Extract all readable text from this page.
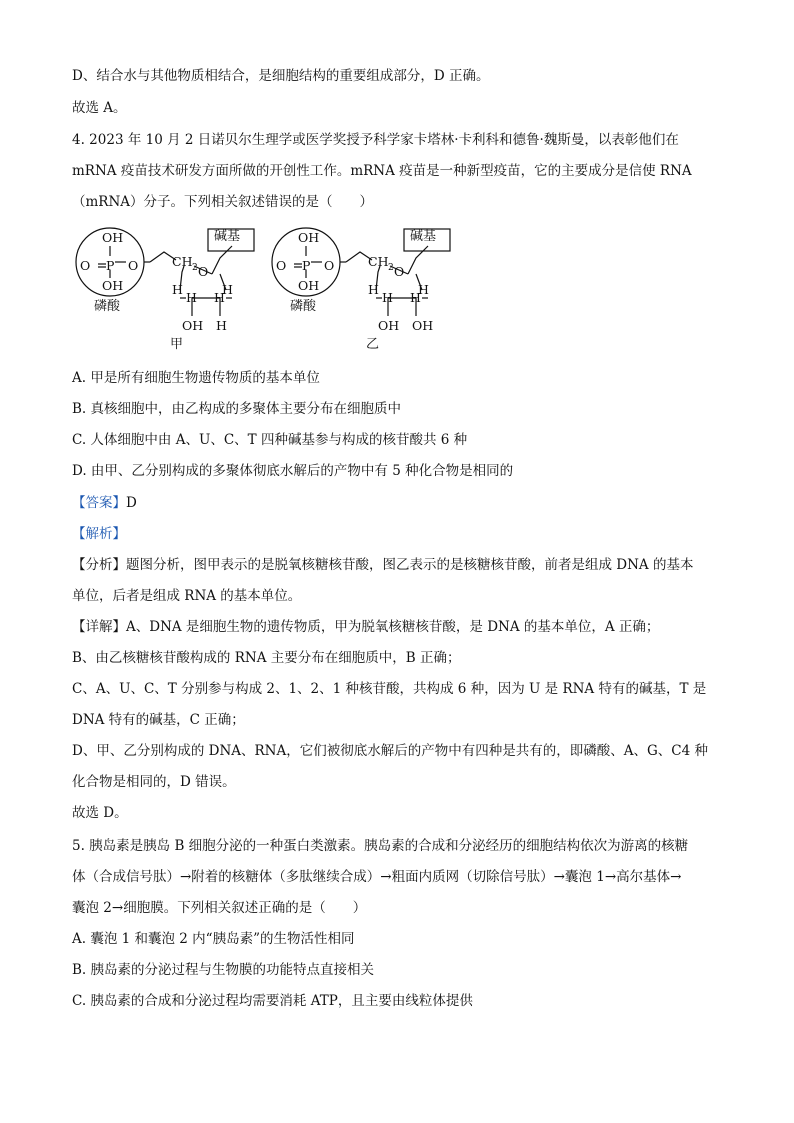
D、结合水与其他物质相结合，是细胞结构的重要组成部分，D 正确。
故选 A。
4. 2023 年 10 月 2 日诺贝尔生理学或医学奖授予科学家卡塔林·卡利科和德鲁·魏斯曼，以表彰他们在
mRNA 疫苗技术研发方面所做的开创性工作。mRNA 疫苗是一种新型疫苗，它的主要成分是信使 RNA
（mRNA）分子。下列相关叙述错误的是（　　）
OH
O P O
OH
磷酸
CH 2 O
碱基
H	H
H H
OH H
甲
OH
O P O
OH
磷酸
CH 2 O
碱基
H	H
H H
OH OH
乙
A. 甲是所有细胞生物遗传物质的基本单位
B. 真核细胞中，由乙构成的多聚体主要分布在细胞质中
C. 人体细胞中由 A、U、C、T 四种碱基参与构成的核苷酸共 6 种
D. 由甲、乙分别构成的多聚体彻底水解后的产物中有 5 种化合物是相同的
【答案】D
【解析】
【分析】题图分析，图甲表示的是脱氧核糖核苷酸，图乙表示的是核糖核苷酸，前者是组成 DNA 的基本
单位，后者是组成 RNA 的基本单位。
【详解】A、DNA 是细胞生物的遗传物质，甲为脱氧核糖核苷酸，是 DNA 的基本单位，A 正确；
B、由乙核糖核苷酸构成的 RNA 主要分布在细胞质中，B 正确；
C、A、U、C、T 分别参与构成 2、1、2、1 种核苷酸，共构成 6 种，因为 U 是 RNA 特有的碱基，T 是
DNA 特有的碱基，C 正确；
D、甲、乙分别构成的 DNA、RNA，它们被彻底水解后的产物中有四种是共有的，即磷酸、A、G、C4 种
化合物是相同的，D 错误。
故选 D。
5. 胰岛素是胰岛 B 细胞分泌的一种蛋白类激素。胰岛素的合成和分泌经历的细胞结构依次为游离的核糖
体（合成信号肽）→附着的核糖体（多肽继续合成）→粗面内质网（切除信号肽）→囊泡 1→高尔基体→
囊泡 2→细胞膜。下列相关叙述正确的是（　　）
A. 囊泡 1 和囊泡 2 内“胰岛素”的生物活性相同
B. 胰岛素的分泌过程与生物膜的功能特点直接相关
C. 胰岛素的合成和分泌过程均需要消耗 ATP，且主要由线粒体提供
